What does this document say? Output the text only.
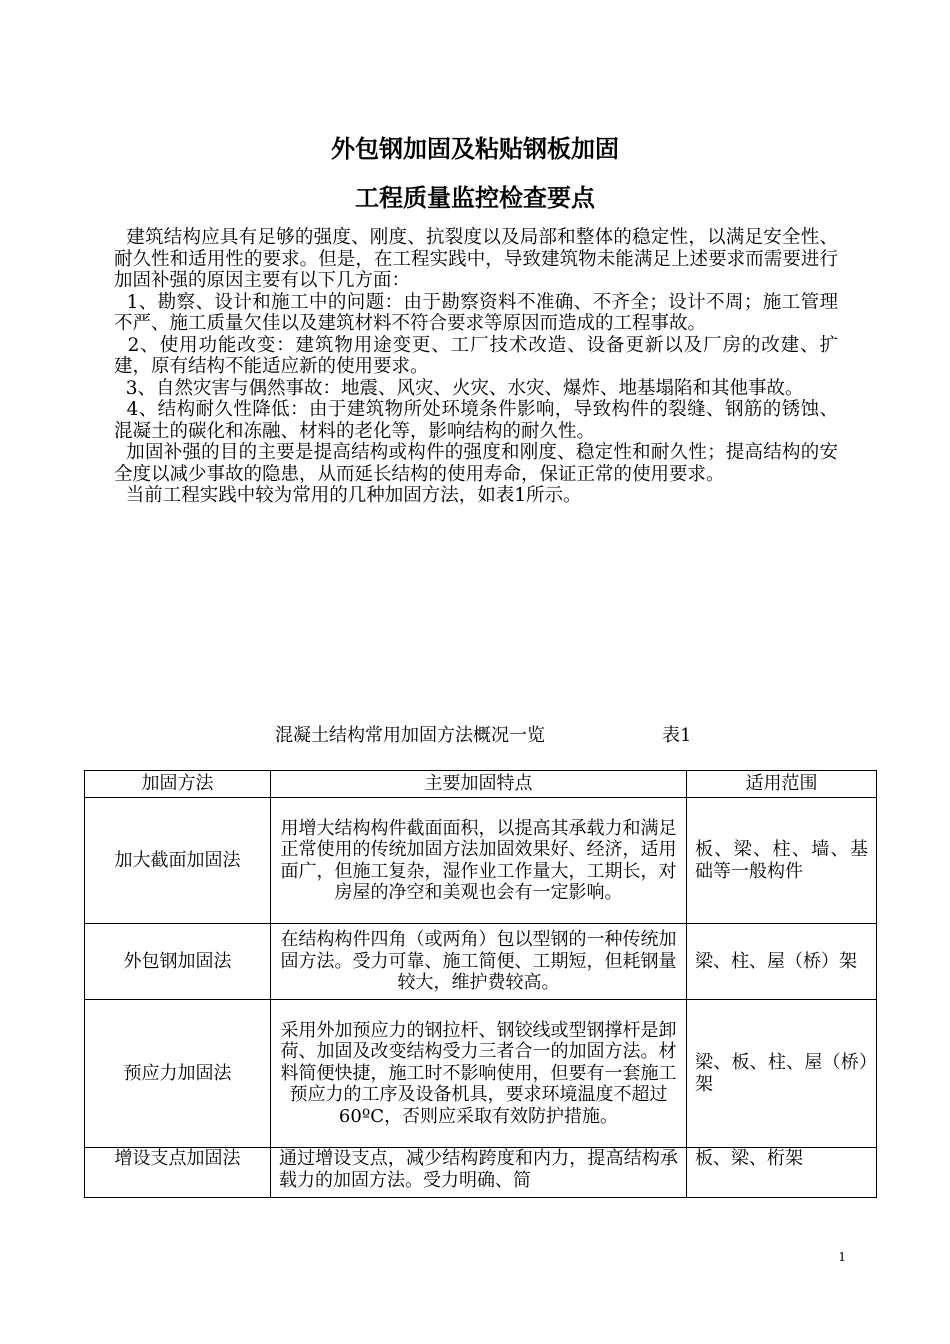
外包钢加固及粘贴钢板加固
工程质量监控检查要点

建筑结构应具有足够的强度、刚度、抗裂度以及局部和整体的稳定性，以满足安全性、耐久性和适用性的要求。但是，在工程实践中，导致建筑物未能满足上述要求而需要进行加固补强的原因主要有以下几方面：

1、勘察、设计和施工中的问题：由于勘察资料不准确、不齐全；设计不周；施工管理不严、施工质量欠佳以及建筑材料不符合要求等原因而造成的工程事故。

2、使用功能改变：建筑物用途变更、工厂技术改造、设备更新以及厂房的改建、扩建，原有结构不能适应新的使用要求。

3、自然灾害与偶然事故：地震、风灾、火灾、水灾、爆炸、地基塌陷和其他事故。

4、结构耐久性降低：由于建筑物所处环境条件影响，导致构件的裂缝、钢筋的锈蚀、混凝土的碳化和冻融、材料的老化等，影响结构的耐久性。

加固补强的目的主要是提高结构或构件的强度和刚度、稳定性和耐久性；提高结构的安全度以减少事故的隐患，从而延长结构的使用寿命，保证正常的使用要求。

当前工程实践中较为常用的几种加固方法，如表1所示。

混凝土结构常用加固方法概况一览	表1
加固方法	主要加固特点	适用范围
加大截面加固法	用增大结构构件截面面积，以提高其承载力和满足正常使用的传统加固方法加固效果好、经济，适用面广，但施工复杂，湿作业工作量大，工期长，对房屋的净空和美观也会有一定影响。	板、梁、柱、墙、基础等一般构件
外包钢加固法	在结构构件四角（或两角）包以型钢的一种传统加固方法。受力可靠、施工简便、工期短，但耗钢量较大，维护费较高。	梁、柱、屋（桥）架
预应力加固法	采用外加预应力的钢拉杆、钢铰线或型钢撑杆是卸荷、加固及改变结构受力三者合一的加固方法。材料简便快捷，施工时不影响使用，但要有一套施工预应力的工序及设备机具，要求环境温度不超过60ºC，否则应采取有效防护措施。	梁、板、柱、屋（桥）架
增设支点加固法	通过增设支点，减少结构跨度和内力，提高结构承载力的加固方法。受力明确、简	板、梁、桁架
1
